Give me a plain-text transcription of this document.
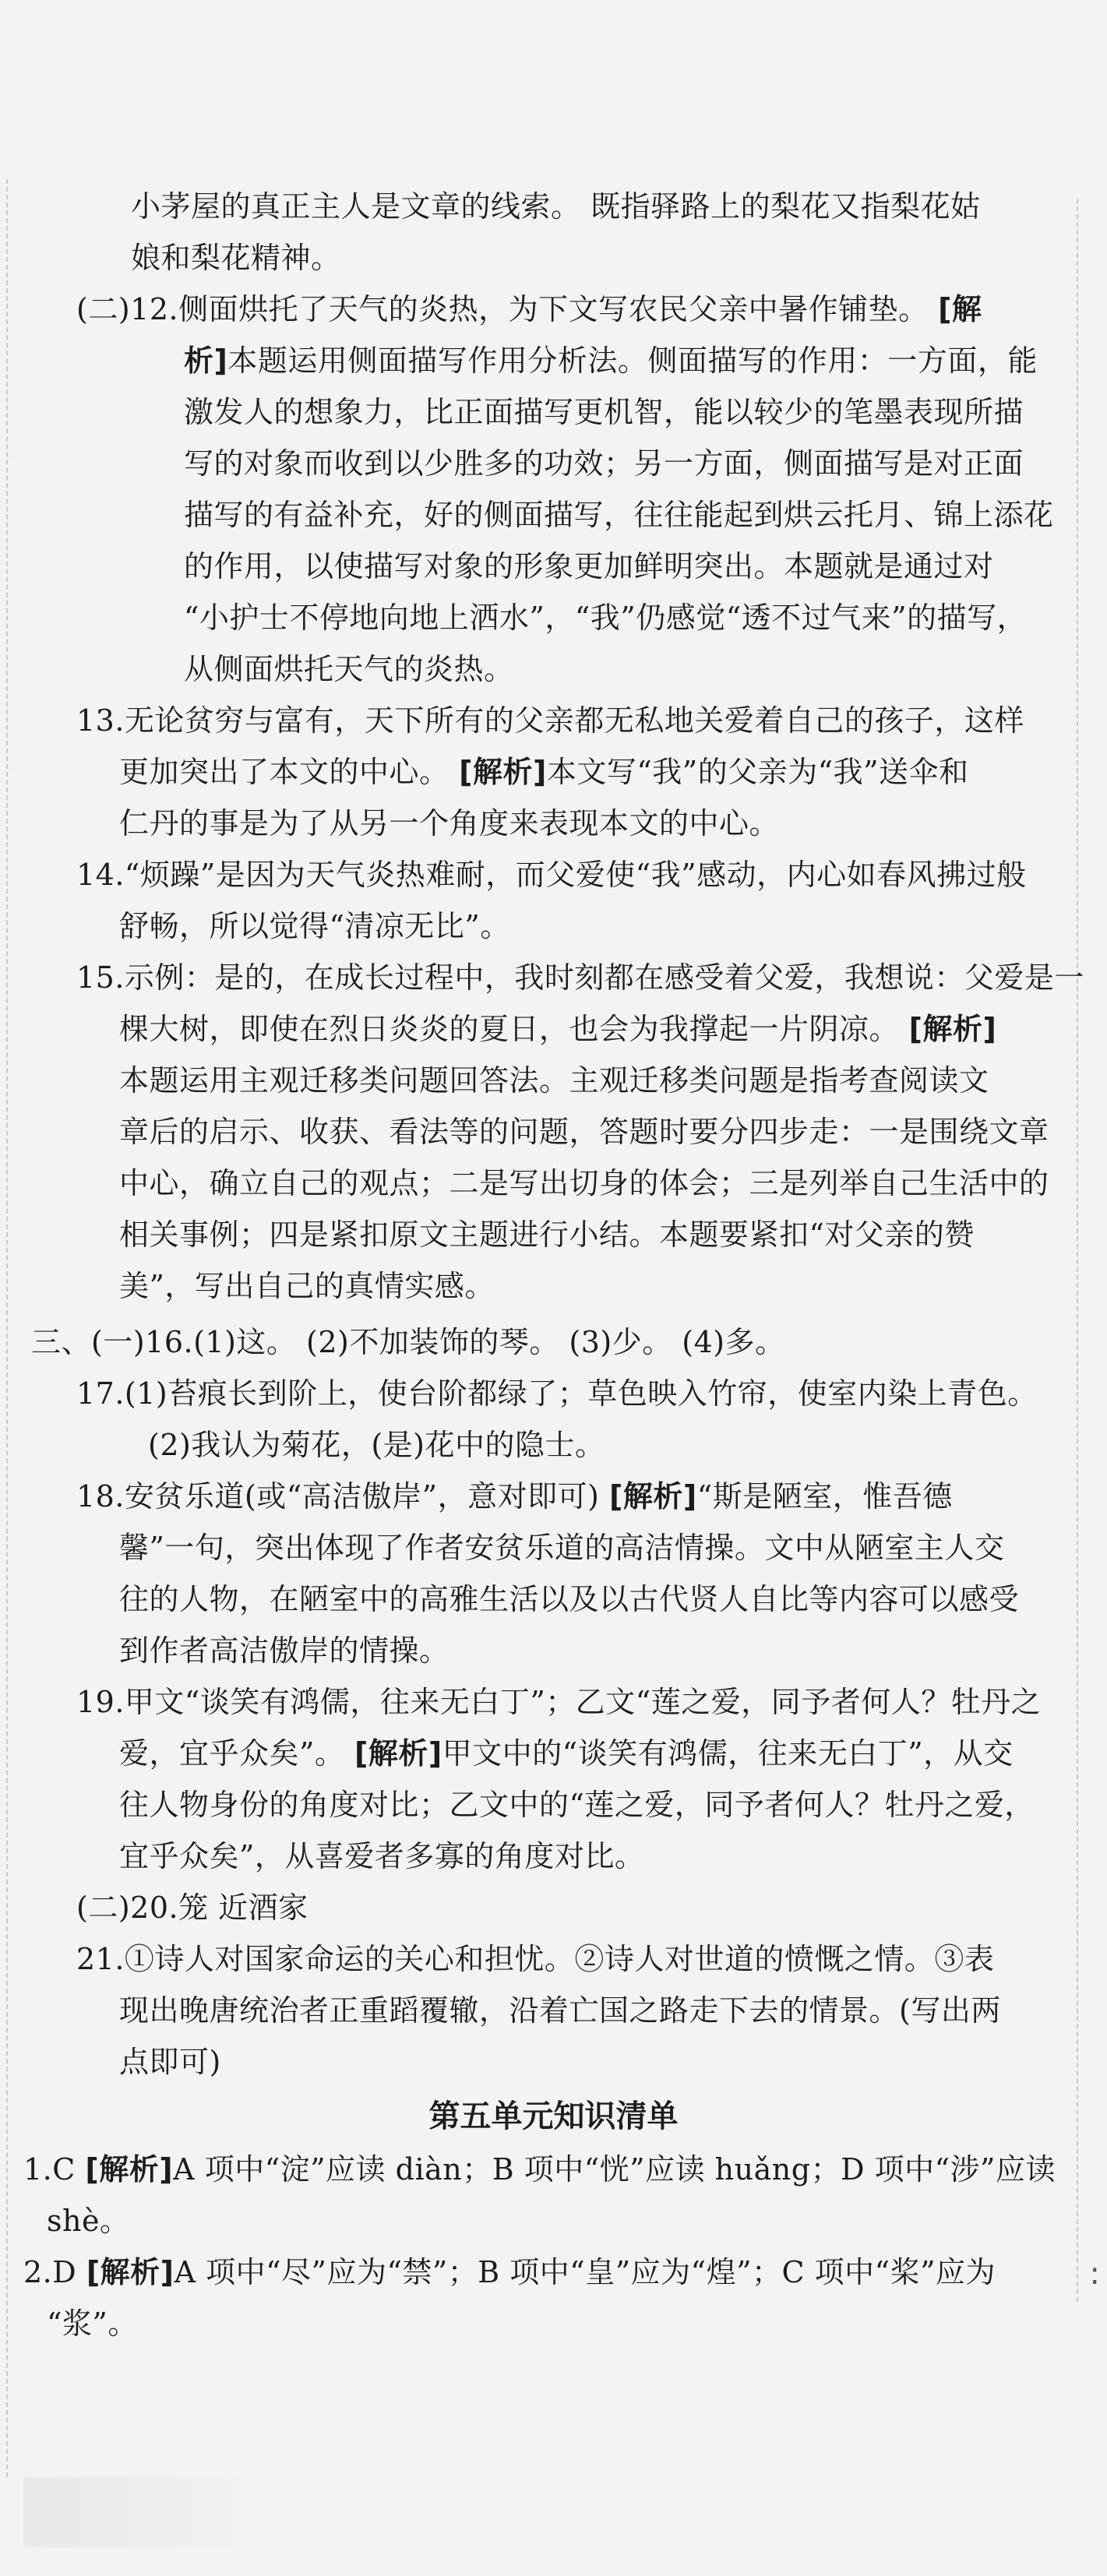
∶
小茅屋的真正主人是文章的线索。 既指驿路上的梨花又指梨花姑
娘和梨花精神。
(二)12.侧面烘托了天气的炎热，为下文写农民父亲中暑作铺垫。 [解
析]本题运用侧面描写作用分析法。侧面描写的作用：一方面，能
激发人的想象力，比正面描写更机智，能以较少的笔墨表现所描
写的对象而收到以少胜多的功效；另一方面，侧面描写是对正面
描写的有益补充，好的侧面描写，往往能起到烘云托月、锦上添花
的作用，以使描写对象的形象更加鲜明突出。本题就是通过对
“小护士不停地向地上洒水”，“我”仍感觉“透不过气来”的描写，
从侧面烘托天气的炎热。
13.无论贫穷与富有，天下所有的父亲都无私地关爱着自己的孩子，这样
更加突出了本文的中心。 [解析]本文写“我”的父亲为“我”送伞和
仁丹的事是为了从另一个角度来表现本文的中心。
14.“烦躁”是因为天气炎热难耐，而父爱使“我”感动，内心如春风拂过般
舒畅，所以觉得“清凉无比”。
15.示例：是的，在成长过程中，我时刻都在感受着父爱，我想说：父爱是一
棵大树，即使在烈日炎炎的夏日，也会为我撑起一片阴凉。 [解析]
本题运用主观迁移类问题回答法。主观迁移类问题是指考查阅读文
章后的启示、收获、看法等的问题，答题时要分四步走：一是围绕文章
中心，确立自己的观点；二是写出切身的体会；三是列举自己生活中的
相关事例；四是紧扣原文主题进行小结。本题要紧扣“对父亲的赞
美”，写出自己的真情实感。
三、(一)16.(1)这。 (2)不加装饰的琴。 (3)少。 (4)多。
17.(1)苔痕长到阶上，使台阶都绿了；草色映入竹帘，使室内染上青色。
(2)我认为菊花，(是)花中的隐士。
18.安贫乐道(或“高洁傲岸”，意对即可) [解析]“斯是陋室，惟吾德
馨”一句，突出体现了作者安贫乐道的高洁情操。文中从陋室主人交
往的人物，在陋室中的高雅生活以及以古代贤人自比等内容可以感受
到作者高洁傲岸的情操。
19.甲文“谈笑有鸿儒，往来无白丁”；乙文“莲之爱，同予者何人？牡丹之
爱，宜乎众矣”。 [解析]甲文中的“谈笑有鸿儒，往来无白丁”，从交
往人物身份的角度对比；乙文中的“莲之爱，同予者何人？牡丹之爱，
宜乎众矣”，从喜爱者多寡的角度对比。
(二)20.笼 近酒家
21.①诗人对国家命运的关心和担忧。②诗人对世道的愤慨之情。③表
现出晚唐统治者正重蹈覆辙，沿着亡国之路走下去的情景。(写出两
点即可)
第五单元知识清单
1.C [解析]A 项中“淀”应读 diàn；B 项中“恍”应读 huǎng；D 项中“涉”应读
shè。
2.D [解析]A 项中“尽”应为“禁”；B 项中“皇”应为“煌”；C 项中“桨”应为
“浆”。
